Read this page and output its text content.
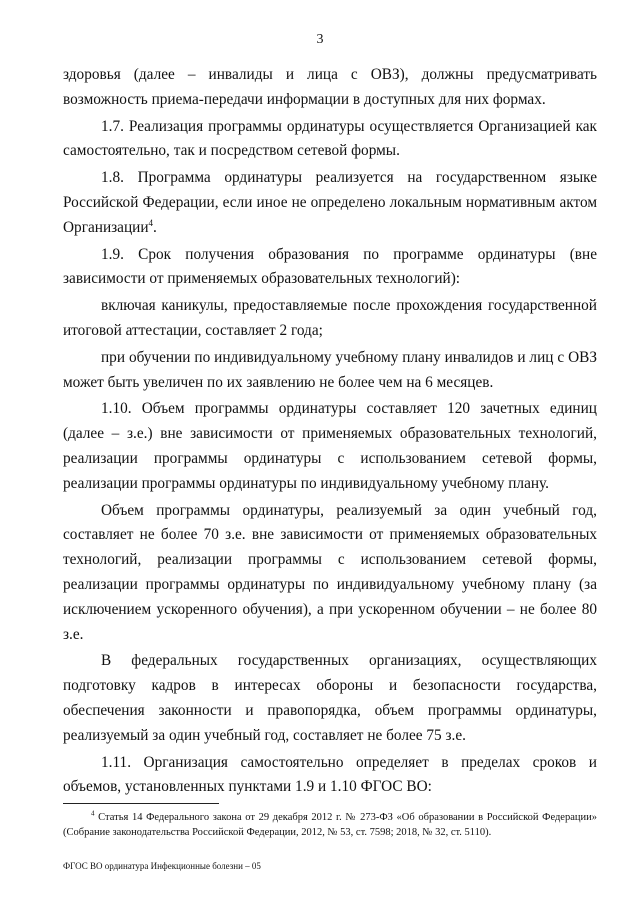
3

здоровья (далее – инвалиды и лица с ОВЗ), должны предусматривать возможность приема-передачи информации в доступных для них формах.

1.7. Реализация программы ординатуры осуществляется Организацией как самостоятельно, так и посредством сетевой формы.

1.8. Программа ординатуры реализуется на государственном языке Российской Федерации, если иное не определено локальным нормативным актом Организации$^4$.

1.9. Срок получения образования по программе ординатуры (вне зависимости от применяемых образовательных технологий):

включая каникулы, предоставляемые после прохождения государственной итоговой аттестации, составляет 2 года;

при обучении по индивидуальному учебному плану инвалидов и лиц с ОВЗ может быть увеличен по их заявлению не более чем на 6 месяцев.

1.10. Объем программы ординатуры составляет 120 зачетных единиц (далее – з.е.) вне зависимости от применяемых образовательных технологий, реализации программы ординатуры с использованием сетевой формы, реализации программы ординатуры по индивидуальному учебному плану.

Объем программы ординатуры, реализуемый за один учебный год, составляет не более 70 з.е. вне зависимости от применяемых образовательных технологий, реализации программы с использованием сетевой формы, реализации программы ординатуры по индивидуальному учебному плану (за исключением ускоренного обучения), а при ускоренном обучении – не более 80 з.е.

В федеральных государственных организациях, осуществляющих подготовку кадров в интересах обороны и безопасности государства, обеспечения законности и правопорядка, объем программы ординатуры, реализуемый за один учебный год, составляет не более 75 з.е.

1.11. Организация самостоятельно определяет в пределах сроков и объемов, установленных пунктами 1.9 и 1.10 ФГОС ВО:

$^4$ Статья 14 Федерального закона от 29 декабря 2012 г. № 273-ФЗ «Об образовании в Российской Федерации» (Собрание законодательства Российской Федерации, 2012, № 53, ст. 7598; 2018, № 32, ст. 5110).
ФГОС ВО ординатура Инфекционные болезни – 05
